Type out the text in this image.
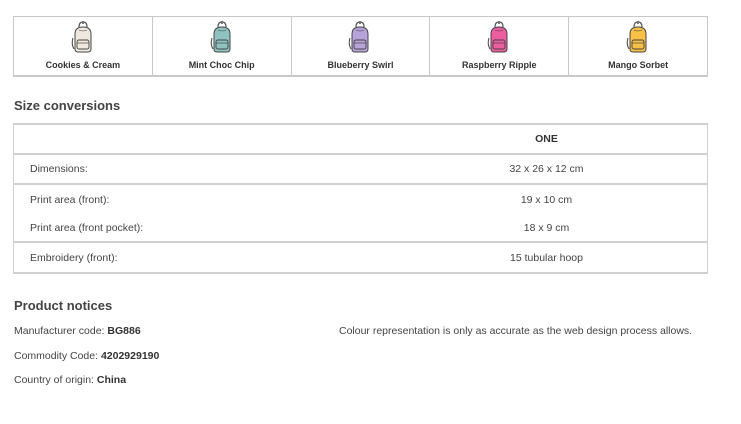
Cookies & Cream	Mint Choc Chip	Blueberry Swirl	Raspberry Ripple	Mango Sorbet
Size conversions
ONE
Dimensions:	32 x 26 x 12 cm
Print area (front):	19 x 10 cm
Print area (front pocket):	18 x 9 cm
Embroidery (front):	15 tubular hoop
Product notices
Manufacturer code: BG886
Commodity Code: 4202929190
Country of origin: China
Colour representation is only as accurate as the web design process allows.
